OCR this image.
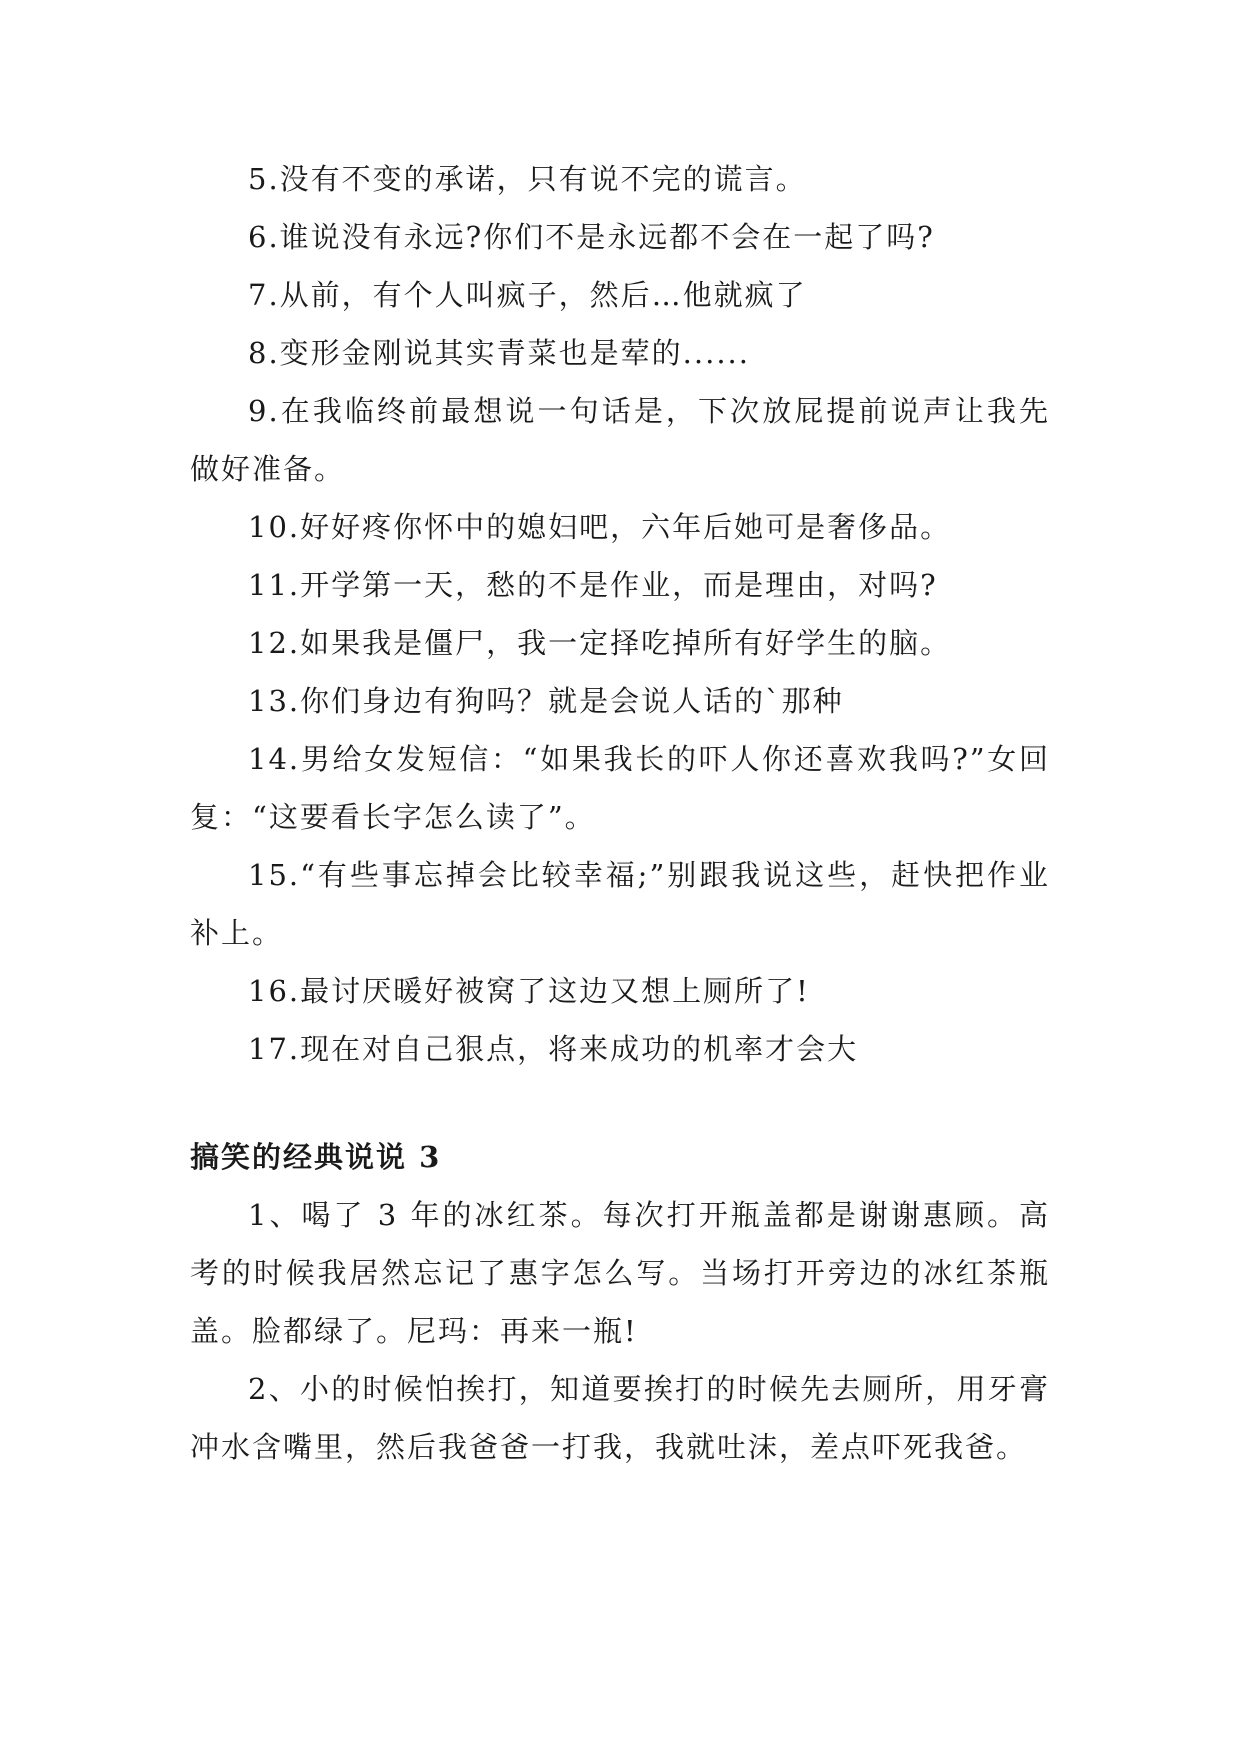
5.没有不变的承诺，只有说不完的谎言。

6.谁说没有永远?你们不是永远都不会在一起了吗?

7.从前，有个人叫疯子，然后…他就疯了

8.变形金刚说其实青菜也是荤的......

9.在我临终前最想说一句话是，下次放屁提前说声让我先做好准备。

10.好好疼你怀中的媳妇吧，六年后她可是奢侈品。

11.开学第一天，愁的不是作业，而是理由，对吗?

12.如果我是僵尸，我一定择吃掉所有好学生的脑。

13.你们身边有狗吗？就是会说人话的`那种

14.男给女发短信：“如果我长的吓人你还喜欢我吗?”女回复：“这要看长字怎么读了”。

15.“有些事忘掉会比较幸福;”别跟我说这些，赶快把作业补上。

16.最讨厌暖好被窝了这边又想上厕所了!

17.现在对自己狠点，将来成功的机率才会大

搞笑的经典说说 3

1、喝了 3 年的冰红茶。每次打开瓶盖都是谢谢惠顾。高考的时候我居然忘记了惠字怎么写。当场打开旁边的冰红茶瓶盖。脸都绿了。尼玛：再来一瓶!

2、小的时候怕挨打，知道要挨打的时候先去厕所，用牙膏冲水含嘴里，然后我爸爸一打我，我就吐沫，差点吓死我爸。
